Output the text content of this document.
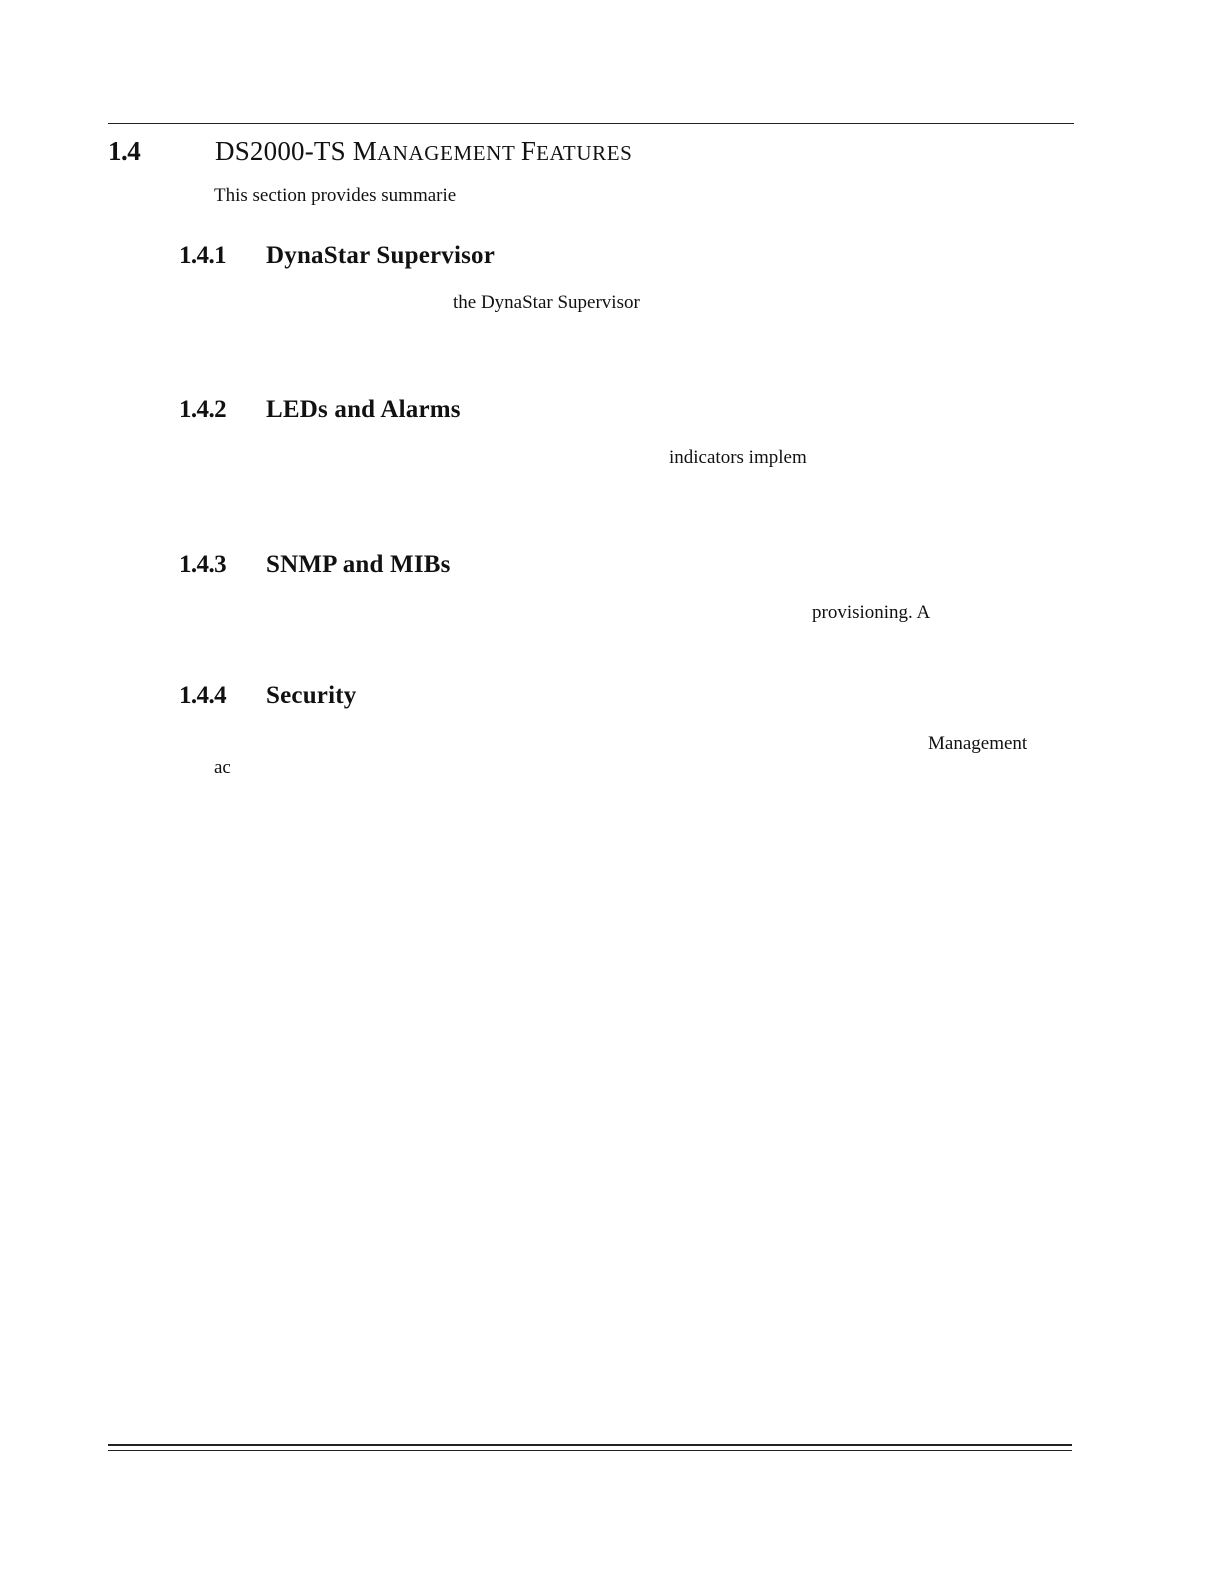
1.4	DS2000-TS MANAGEMENT FEATURES
This section provides summarie
1.4.1 DynaStar Supervisor
the DynaStar Supervisor
1.4.2 LEDs and Alarms
indicators implem
1.4.3 SNMP and MIBs
provisioning. A
1.4.4 Security
Management
ac
